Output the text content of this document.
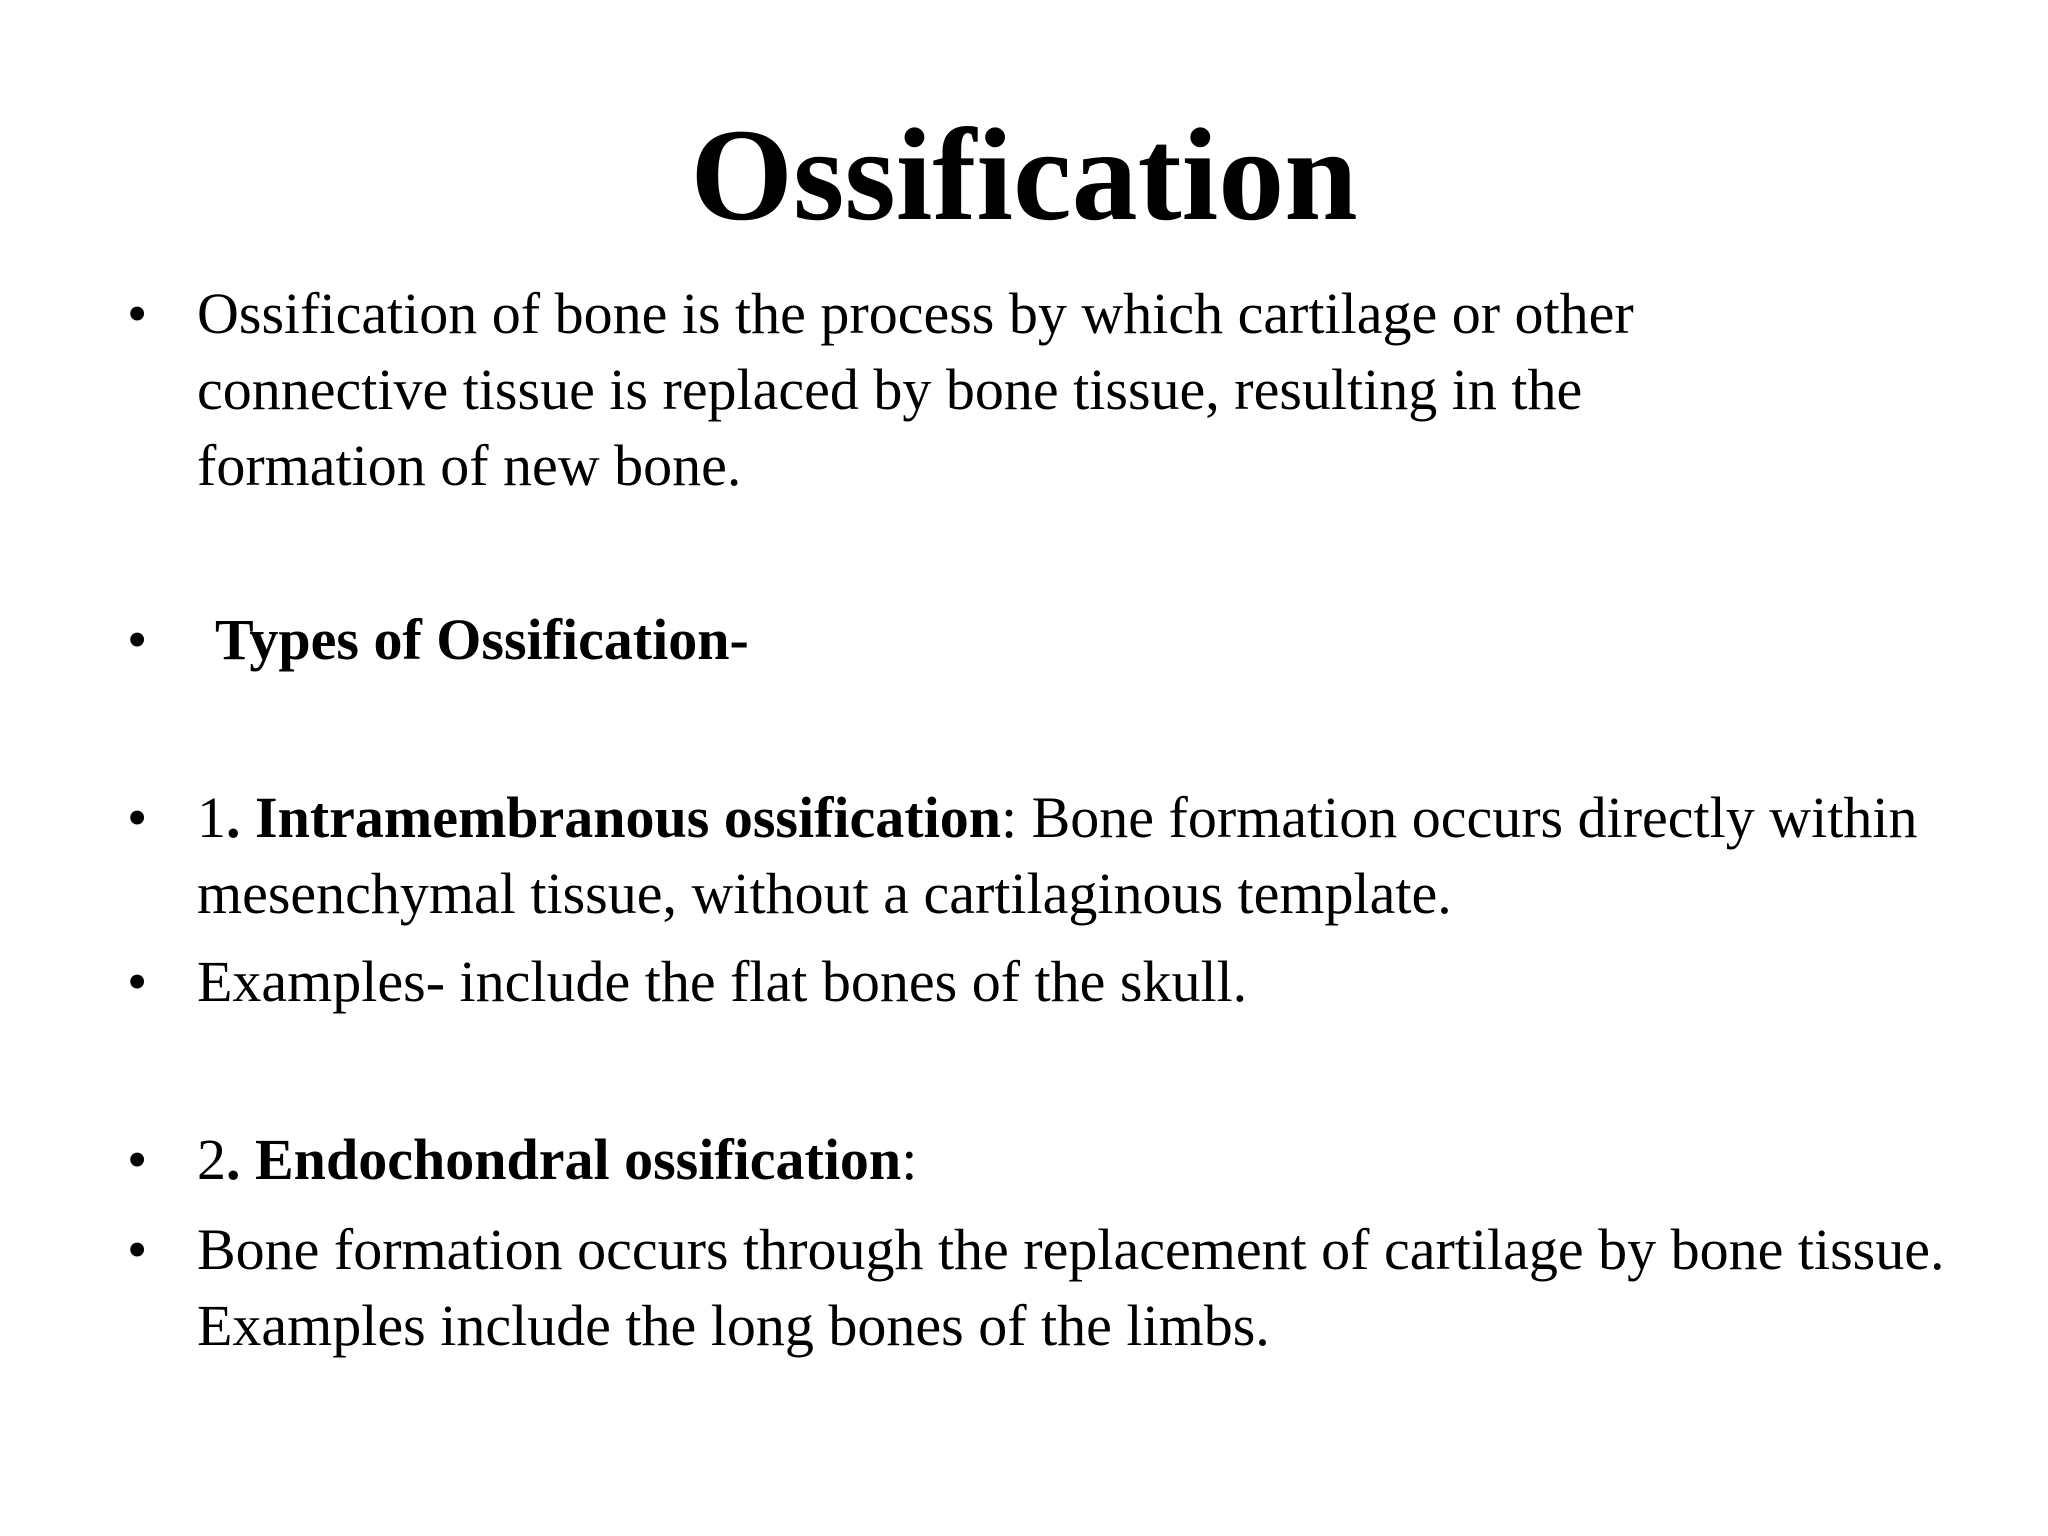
Ossification
• Ossification of bone is the process by which cartilage or other connective tissue is replaced by bone tissue, resulting in the formation of new bone.
• Types of Ossification-
• 1. Intramembranous ossification: Bone formation occurs directly within mesenchymal tissue, without a cartilaginous template.
• Examples- include the flat bones of the skull.
• 2. Endochondral ossification:
• Bone formation occurs through the replacement of cartilage by bone tissue. Examples include the long bones of the limbs.
